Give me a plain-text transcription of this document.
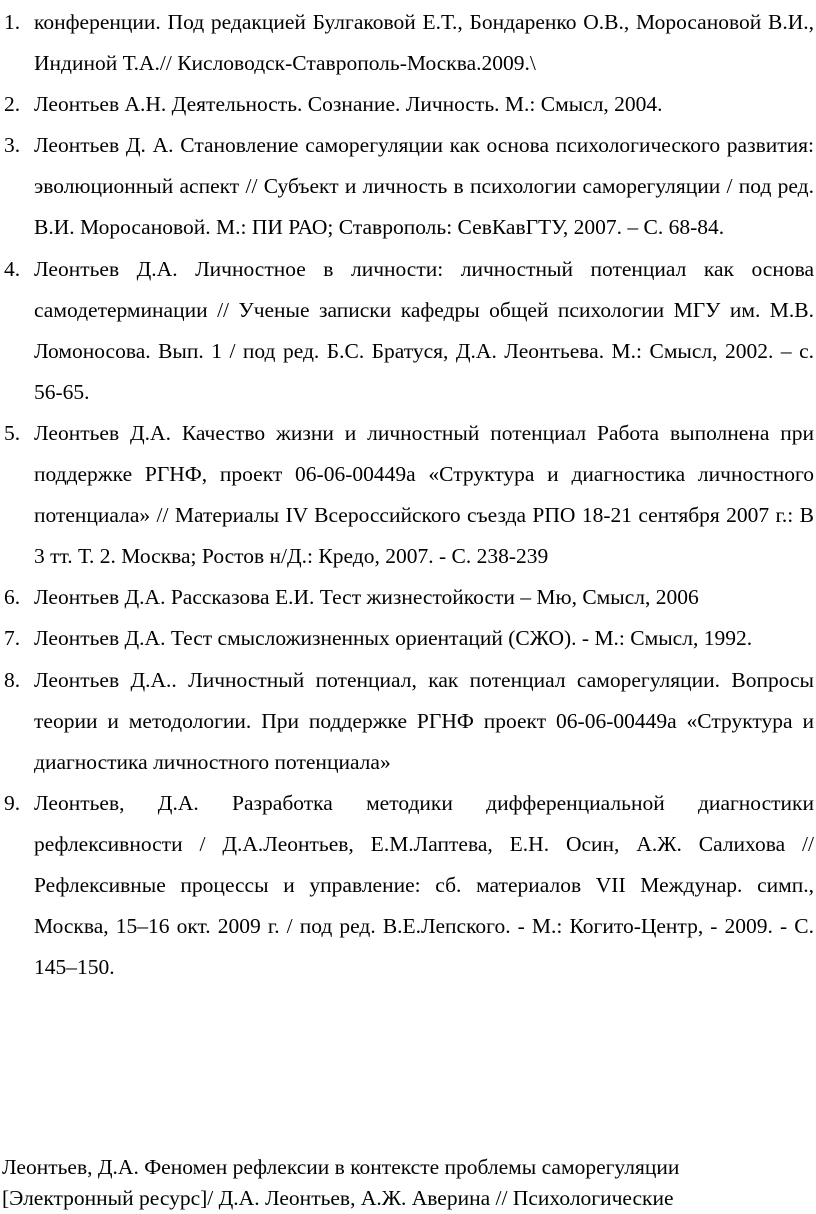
1. конференции. Под редакцией Булгаковой Е.Т., Бондаренко О.В., Моросановой В.И., Индиной Т.А.// Кисловодск-Ставрополь-Москва.2009.\
2. Леонтьев А.Н. Деятельность. Сознание. Личность. М.: Смысл, 2004.
3. Леонтьев Д. А. Становление саморегуляции как основа психологического развития: эволюционный аспект // Субъект и личность в психологии саморегуляции / под ред. В.И. Моросановой. М.: ПИ РАО; Ставрополь: СевКавГТУ, 2007. – С. 68-84.
4. Леонтьев Д.А. Личностное в личности: личностный потенциал как основа самодетерминации // Ученые записки кафедры общей психологии МГУ им. М.В. Ломоносова. Вып. 1 / под ред. Б.С. Братуся, Д.А. Леонтьева. М.: Смысл, 2002. – с. 56-65.
5. Леонтьев Д.А. Качество жизни и личностный потенциал Работа выполнена при поддержке РГНФ, проект 06-06-00449а «Структура и диагностика личностного потенциала» // Материалы IV Всероссийского съезда РПО 18-21 сентября 2007 г.: В 3 тт. Т. 2. Москва; Ростов н/Д.: Кредо, 2007. - С. 238-239
6. Леонтьев Д.А. Рассказова Е.И. Тест жизнестойкости – Мю, Смысл, 2006
7. Леонтьев Д.А. Тест смысложизненных ориентаций (СЖО). - М.: Смысл, 1992.
8. Леонтьев Д.А.. Личностный потенциал, как потенциал саморегуляции. Вопросы теории и методологии. При поддержке РГНФ проект 06-06-00449а «Структура и диагностика личностного потенциала»
9. Леонтьев, Д.А. Разработка методики дифференциальной диагностики рефлексивности / Д.А.Леонтьев, Е.М.Лаптева, Е.Н. Осин, А.Ж. Салихова // Рефлексивные процессы и управление: сб. материалов VII Междунар. симп., Москва, 15–16 окт. 2009 г. / под ред. В.Е.Лепского. - М.: Когито-Центр, - 2009. - С. 145–150.

Леонтьев, Д.А. Феномен рефлексии в контексте проблемы саморегуляции [Электронный ресурс]/ Д.А. Леонтьев, А.Ж. Аверина // Психологические
